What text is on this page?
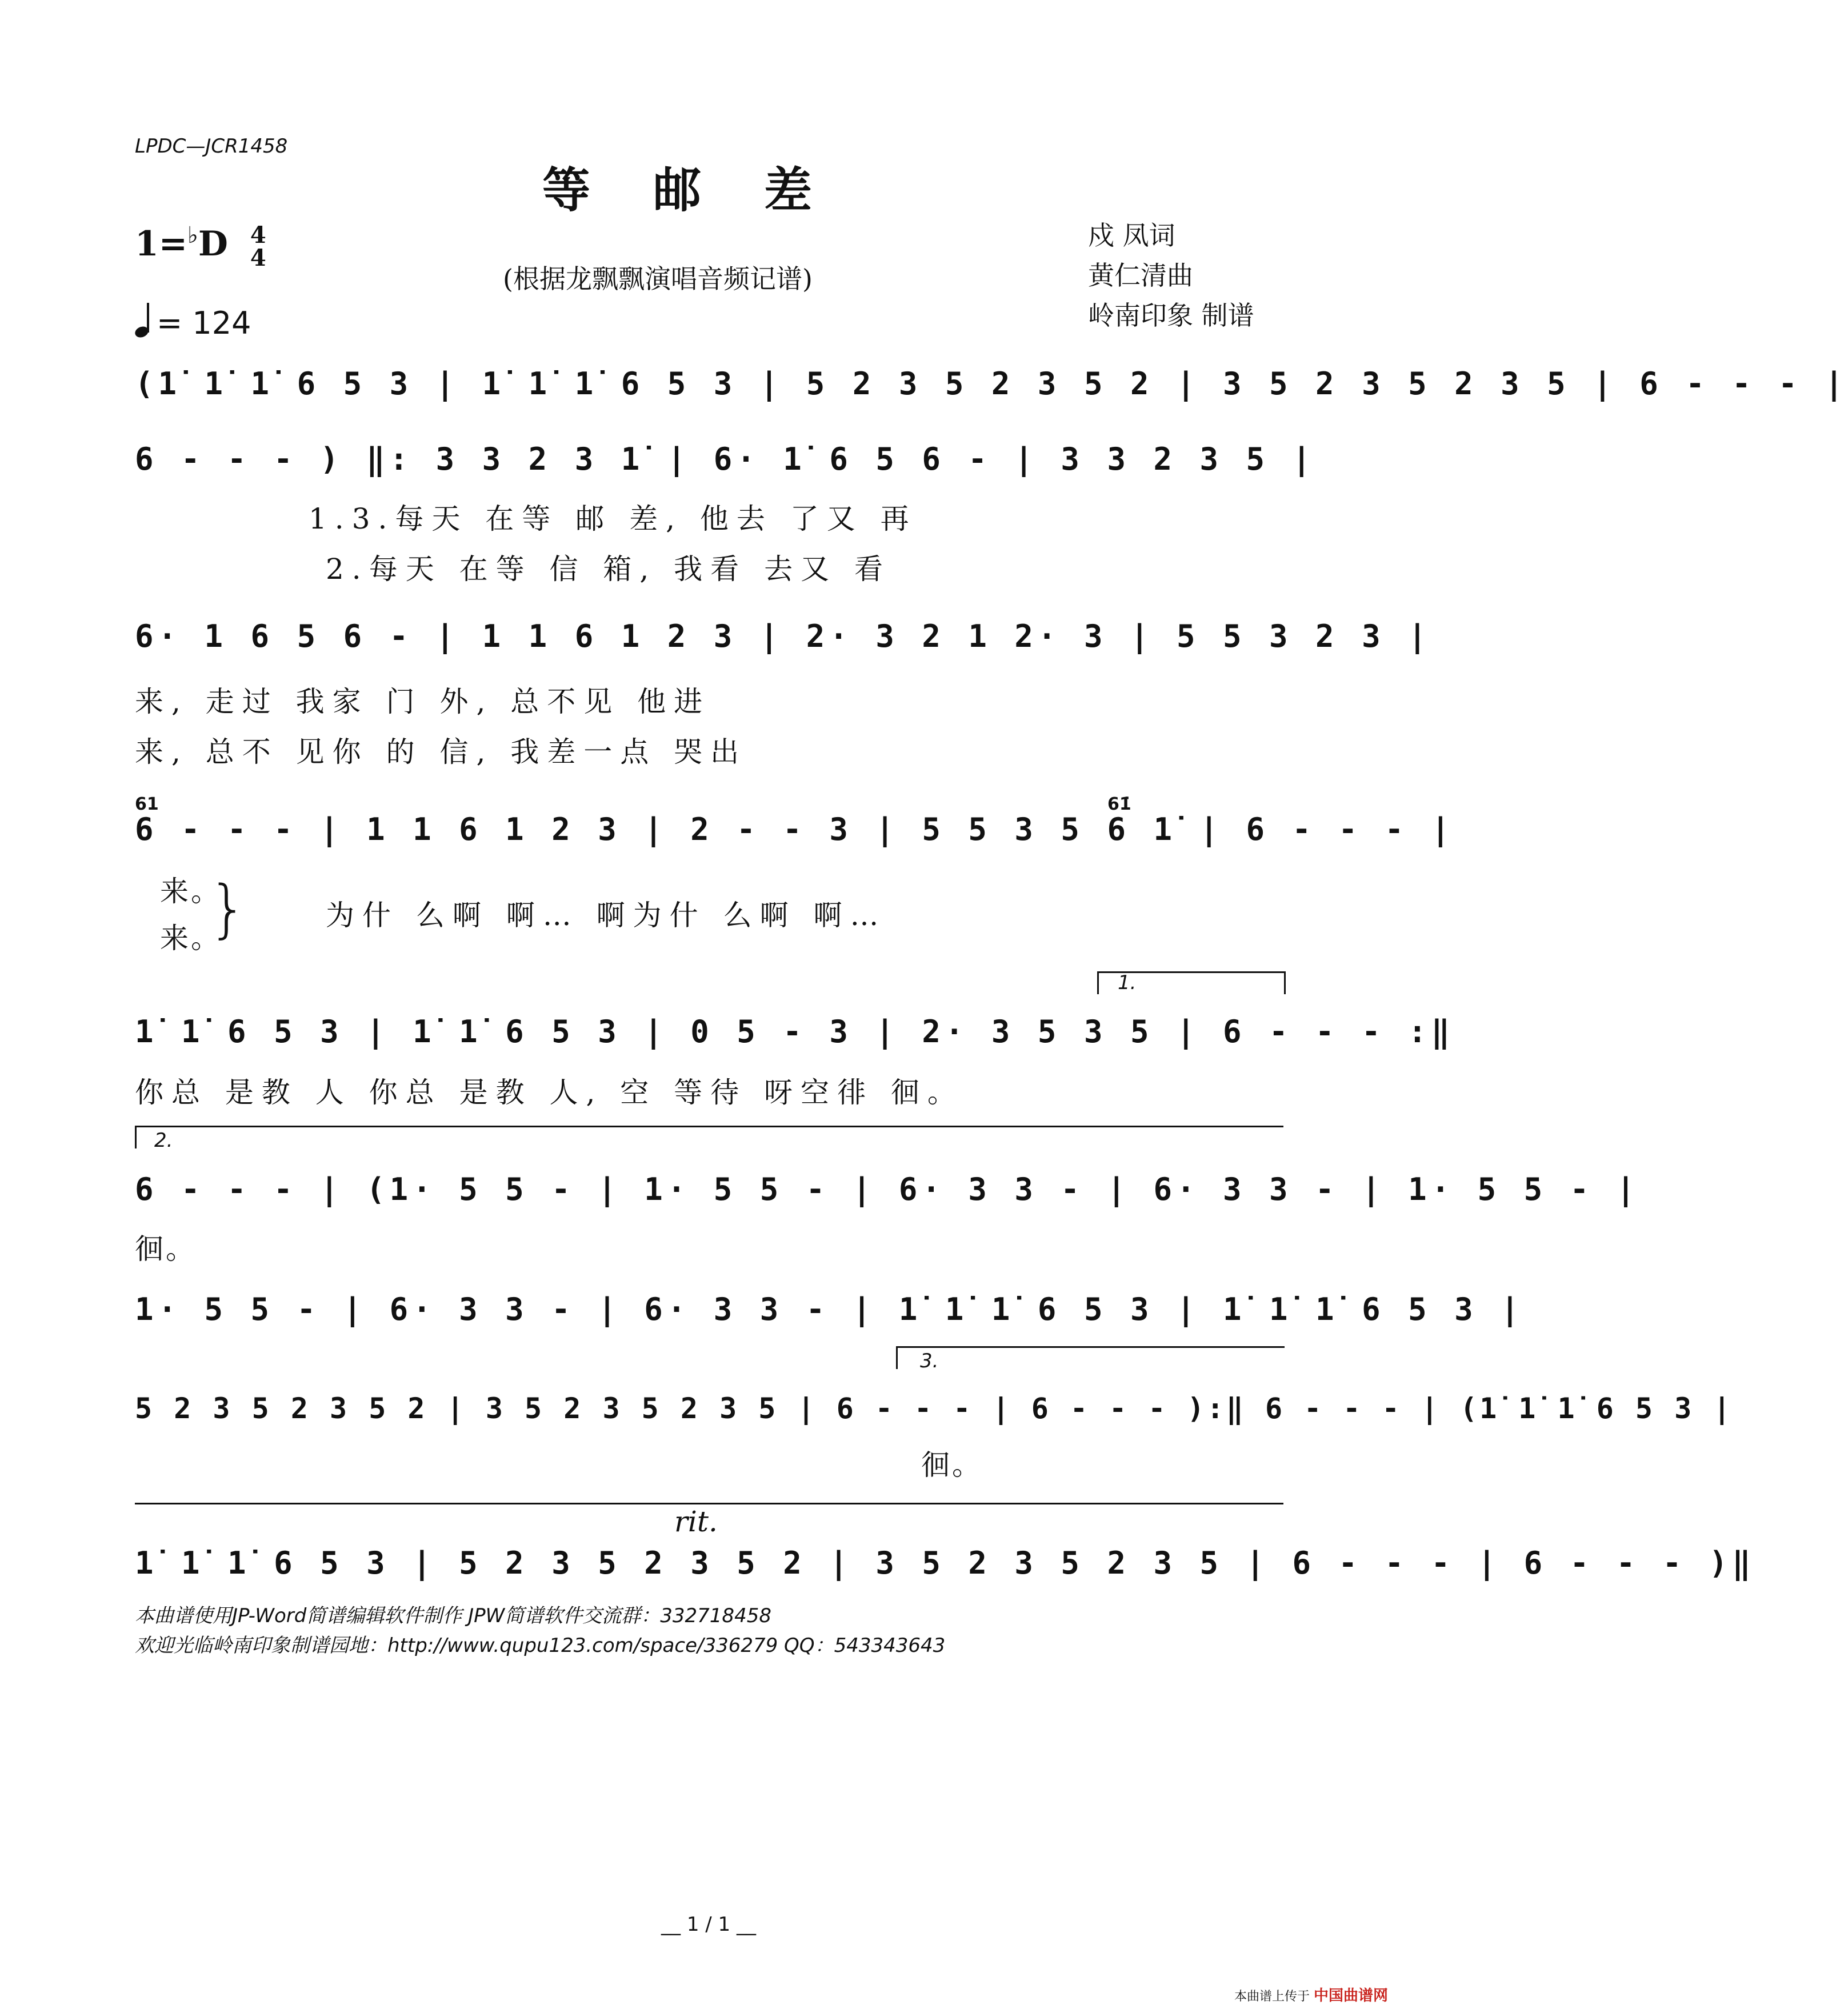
LPDC—JCR1458
等邮差
1=♭D 4
4
(根据龙飘飘演唱音频记谱)
戍 凤词
黄仁清曲
岭南印象 制谱
= 124
(1̇ 1̇ 1̇ 6 5 3 | 1̇ 1̇ 1̇ 6 5 3 | 5 2 3 5 2 3 5 2 | 3 5 2 3 5 2 3 5 | 6 - - - |
6 - - - ) ‖: 3 3 2 3 1̇ | 6· 1̇ 6 5 6 - | 3 3 2 3 5 |
1.3.每天 在等 邮 差, 他去 了又 再
2.每天 在等 信 箱, 我看 去又 看
6· 1 6 5 6 - | 1 1 6 1 2 3 | 2· 3 2 1 2· 3 | 5 5 3 2 3 |
来, 走过 我家 门 外, 总不见 他进
来, 总不 见你 的 信, 我差一点 哭出
61	61̇
6 - - - | 1 1 6 1 2 3 | 2 - - 3 | 5 5 3 5 6 1̇ | 6 - - - |
来。
来。
}	为什 么啊 啊… 啊为什 么啊 啊…
1.
1̇ 1̇ 6 5 3 | 1̇ 1̇ 6 5 3 | 0 5 - 3 | 2· 3 5 3 5 | 6 - - - :‖
你总 是教 人 你总 是教 人, 空 等待 呀空徘 徊。
2.
6 - - - | (1· 5 5 - | 1· 5 5 - | 6· 3 3 - | 6· 3 3 - | 1· 5 5 - |
徊。
1· 5 5 - | 6· 3 3 - | 6· 3 3 - | 1̇ 1̇ 1̇ 6 5 3 | 1̇ 1̇ 1̇ 6 5 3 |
3.
5 2 3 5 2 3 5 2 | 3 5 2 3 5 2 3 5 | 6 - - - | 6 - - - ):‖ 6 - - - | (1̇ 1̇ 1̇ 6 5 3 |
徊。
rit.
1̇ 1̇ 1̇ 6 5 3 | 5 2 3 5 2 3 5 2 | 3 5 2 3 5 2 3 5 | 6 - - - | 6 - - - )‖
本曲谱使用JP-Word简谱编辑软件制作 JPW简谱软件交流群：332718458
欢迎光临岭南印象制谱园地：http://www.qupu123.com/space/336279 QQ：543343643
__ 1 / 1 __
本曲谱上传于 中国曲谱网
